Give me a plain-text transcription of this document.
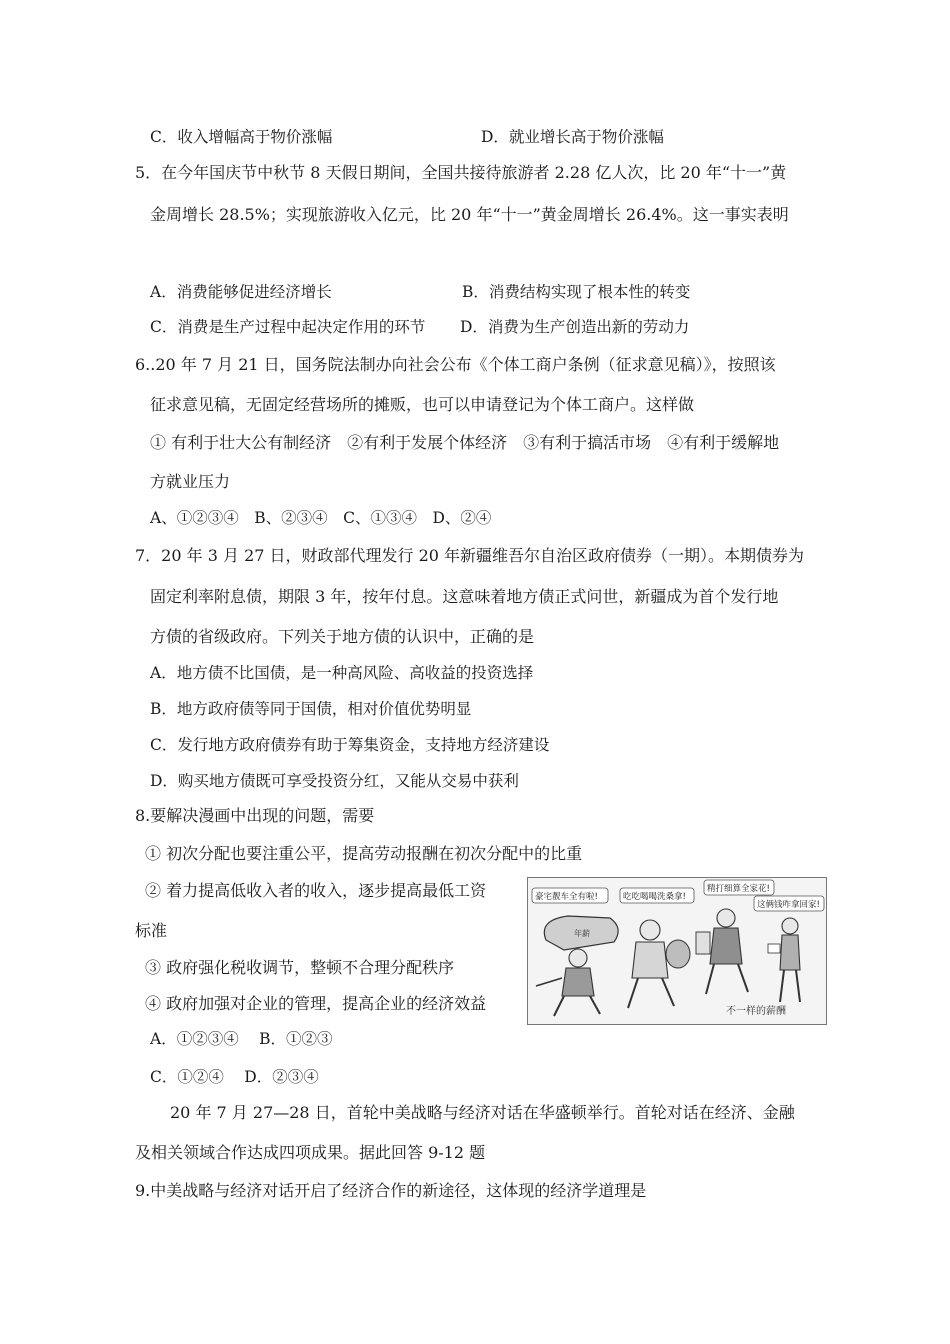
C．收入增幅高于物价涨幅	D．就业增长高于物价涨幅
5．在今年国庆节中秋节 8 天假日期间，全国共接待旅游者 2.28 亿人次，比 20 年“十一”黄
金周增长 28.5%；实现旅游收入亿元，比 20 年“十一”黄金周增长 26.4%。这一事实表明
A．消费能够促进经济增长	B．消费结构实现了根本性的转变
C．消费是生产过程中起决定作用的环节 D．消费为生产创造出新的劳动力
6..20 年 7 月 21 日，国务院法制办向社会公布《个体工商户条例（征求意见稿）》，按照该
征求意见稿，无固定经营场所的摊贩，也可以申请登记为个体工商户。这样做
① 有利于壮大公有制经济　②有利于发展个体经济　③有利于搞活市场　④有利于缓解地
方就业压力
A、①②③④　B、②③④　C、①③④　D、②④
7．20 年 3 月 27 日，财政部代理发行 20 年新疆维吾尔自治区政府债券（一期）。本期债券为
固定利率附息债，期限 3 年，按年付息。这意味着地方债正式问世，新疆成为首个发行地
方债的省级政府。下列关于地方债的认识中，正确的是
A．地方债不比国债，是一种高风险、高收益的投资选择
B．地方政府债等同于国债，相对价值优势明显
C．发行地方政府债券有助于筹集资金，支持地方经济建设
D．购买地方债既可享受投资分红，又能从交易中获利
8.要解决漫画中出现的问题，需要
① 初次分配也要注重公平，提高劳动报酬在初次分配中的比重
② 着力提高低收入者的收入，逐步提高最低工资
标准
③ 政府强化税收调节，整顿不合理分配秩序
④ 政府加强对企业的管理，提高企业的经济效益
A．①②③④　 B．①②③
C．①②④　 D．②③④
豪宅靓车全有啦!	吃吃喝喝洗桑拿!
精打细算全家花!
这俩钱咋拿回家!
年薪
不一样的薪酬
20 年 7 月 27—28 日，首轮中美战略与经济对话在华盛顿举行。首轮对话在经济、金融
及相关领域合作达成四项成果。据此回答 9-12 题
9.中美战略与经济对话开启了经济合作的新途径，这体现的经济学道理是
